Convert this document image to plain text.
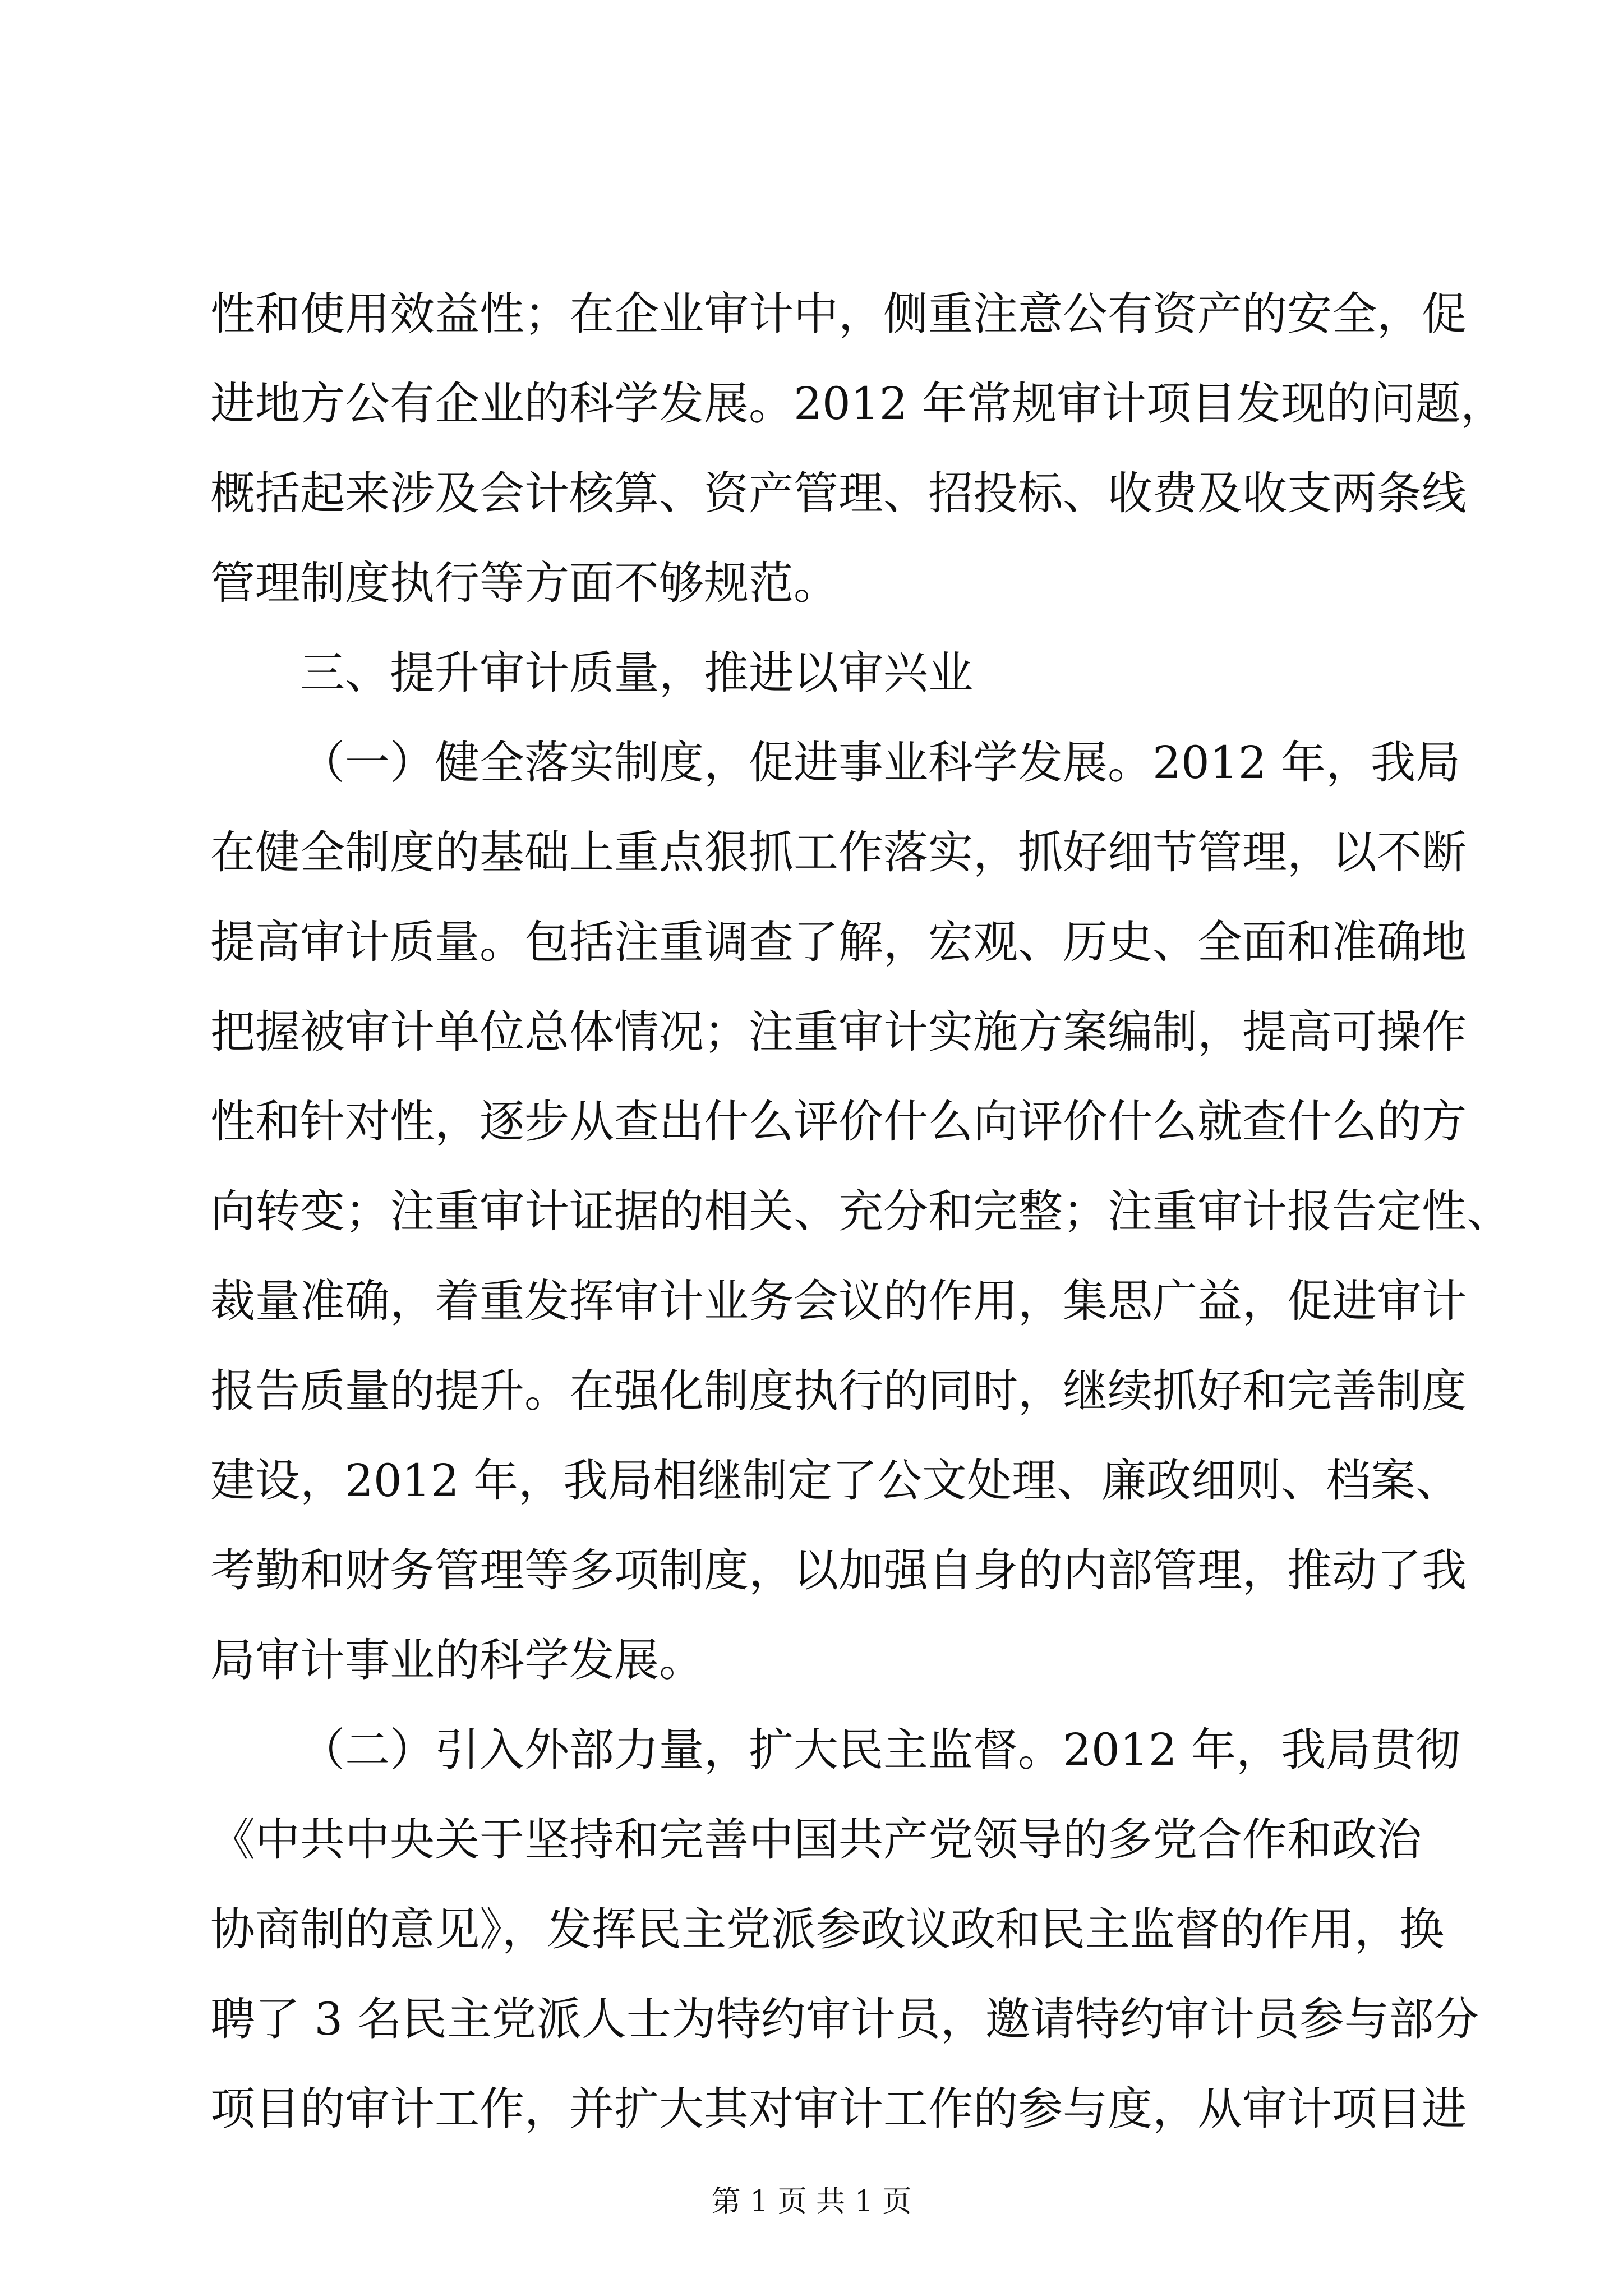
性和使用效益性；在企业审计中，侧重注意公有资产的安全，促
进地方公有企业的科学发展。2012 年常规审计项目发现的问题，
概括起来涉及会计核算、资产管理、招投标、收费及收支两条线
管理制度执行等方面不够规范。
三、提升审计质量，推进以审兴业
（一）健全落实制度，促进事业科学发展。2012 年，我局
在健全制度的基础上重点狠抓工作落实，抓好细节管理，以不断
提高审计质量。包括注重调查了解，宏观、历史、全面和准确地
把握被审计单位总体情况；注重审计实施方案编制，提高可操作
性和针对性，逐步从查出什么评价什么向评价什么就查什么的方
向转变；注重审计证据的相关、充分和完整；注重审计报告定性、
裁量准确，着重发挥审计业务会议的作用，集思广益，促进审计
报告质量的提升。在强化制度执行的同时，继续抓好和完善制度
建设，2012 年，我局相继制定了公文处理、廉政细则、档案、
考勤和财务管理等多项制度，以加强自身的内部管理，推动了我
局审计事业的科学发展。
（二）引入外部力量，扩大民主监督。2012 年，我局贯彻
《中共中央关于坚持和完善中国共产党领导的多党合作和政治
协商制的意见》，发挥民主党派参政议政和民主监督的作用，换
聘了 3 名民主党派人士为特约审计员，邀请特约审计员参与部分
项目的审计工作，并扩大其对审计工作的参与度，从审计项目进
第 1 页 共 1 页
